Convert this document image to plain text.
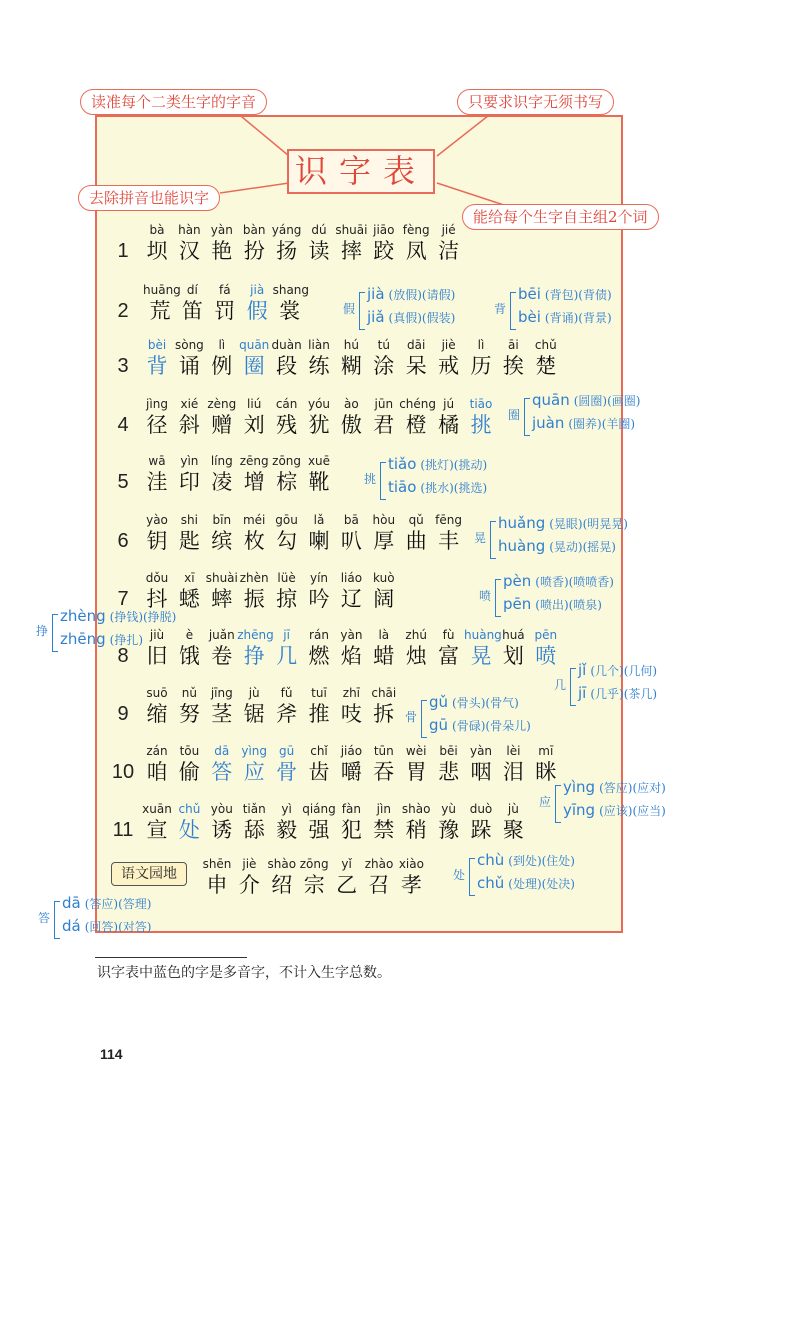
读准每个二类生字的字音	只要求识字无须书写
去除拼音也能识字
能给每个生字自主组2个词
识字表
1
bà
坝
hàn
汉
yàn
艳
bàn
扮
yáng
扬
dú
读
shuāi
摔
jiāo
跤
fèng
凤
jié
洁
2
huāng
荒
dí
笛
fá
罚
jià
假
shang
裳
3
bèi
背
sòng
诵
lì
例
quān
圈
duàn
段
liàn
练
hú
糊
tú
涂
dāi
呆
jiè
戒
lì
历
āi
挨
chǔ
楚
4
jìng
径
xié
斜
zèng
赠
liú
刘
cán
残
yóu
犹
ào
傲
jūn
君
chéng
橙
jú
橘
tiāo
挑
5
wā
洼
yìn
印
líng
凌
zēng
增
zōng
棕
xuē
靴
6
yào
钥
shi
匙
bīn
缤
méi
枚
gōu
勾
lǎ
喇
bā
叭
hòu
厚
qǔ
曲
fēng
丰
7
dǒu
抖
xī
蟋
shuài
蟀
zhèn
振
lüè
掠
yín
吟
liáo
辽
kuò
阔
8
jiù
旧
è
饿
juǎn
卷
zhēng
挣
jī
几
rán
燃
yàn
焰
là
蜡
zhú
烛
fù
富
huàng
晃
huá
划
pēn
喷
9
suō
缩
nǔ
努
jīng
茎
jù
锯
fǔ
斧
tuī
推
zhī
吱
chāi
拆
10
zán
咱
tōu
偷
dā
答
yìng
应
gū
骨
chǐ
齿
jiáo
嚼
tūn
吞
wèi
胃
bēi
悲
yàn
咽
lèi
泪
mī
眯
11
xuān
宣
chǔ
处
yòu
诱
tiǎn
舔
yì
毅
qiáng
强
fàn
犯
jìn
禁
shào
稍
yù
豫
duò
跺
jù
聚
shēn
申
jiè
介
shào
绍
zōng
宗
yǐ
乙
zhào
召
xiào
孝
假
jià (放假)(请假)
jiǎ (真假)(假装)
背
bēi (背包)(背债)
bèi (背诵)(背景)
圈
quān (圆圈)(画圈)
juàn (圈养)(羊圈)
挑
tiǎo (挑灯)(挑动)
tiāo (挑水)(挑选)
晃
huǎng (晃眼)(明晃晃)
huàng (晃动)(摇晃)
喷
pèn (喷香)(喷喷香)
pēn (喷出)(喷泉)
挣
zhèng (挣钱)(挣脱)
zhēng (挣扎)
几
jǐ (几个)(几何)
jī (几乎)(茶几)
骨
gǔ (骨头)(骨气)
gū (骨碌)(骨朵儿)
应
yìng (答应)(应对)
yīng (应该)(应当)
处
chù (到处)(住处)
chǔ (处理)(处决)
答
dā (答应)(答理)
dá (回答)(对答)
语文园地
识字表中蓝色的字是多音字，不计入生字总数。
114
